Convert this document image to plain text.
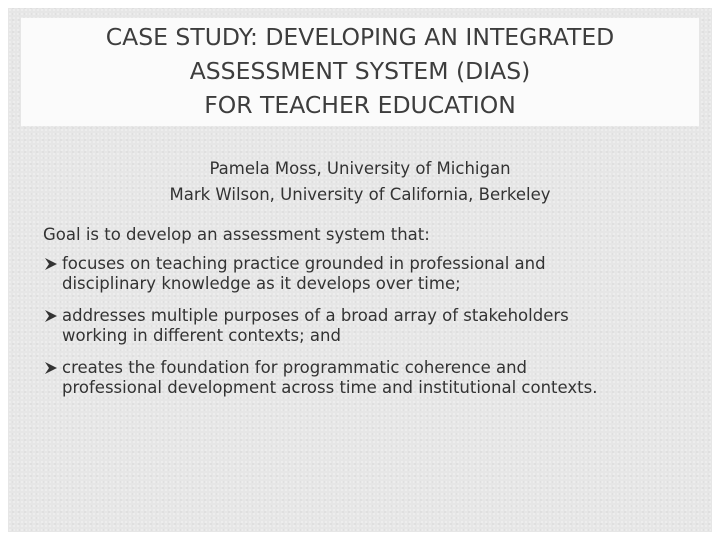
CASE STUDY: DEVELOPING AN INTEGRATED
ASSESSMENT SYSTEM (DIAS)
FOR TEACHER EDUCATION
Pamela Moss, University of Michigan
Mark Wilson, University of California, Berkeley
Goal is to develop an assessment system that:
focuses on teaching practice grounded in professional and
disciplinary knowledge as it develops over time;
addresses multiple purposes of a broad array of stakeholders
working in different contexts; and
creates the foundation for programmatic coherence and
professional development across time and institutional contexts.
